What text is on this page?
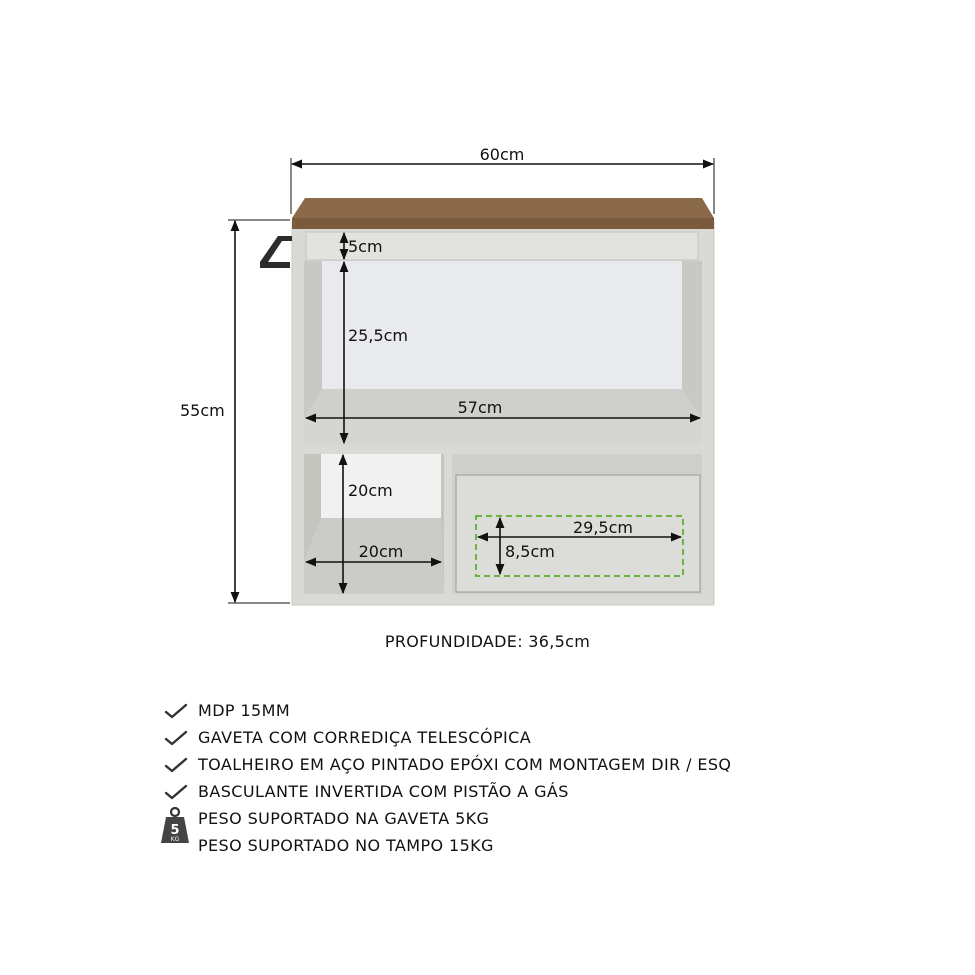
60cm
55cm
5cm
25,5cm
57cm
20cm
20cm
29,5cm
8,5cm
PROFUNDIDADE: 36,5cm
MDP 15MM
GAVETA COM CORREDIÇA TELESCÓPICA
TOALHEIRO EM AÇO PINTADO EPÓXI COM MONTAGEM DIR / ESQ
BASCULANTE INVERTIDA COM PISTÃO A GÁS
PESO SUPORTADO NA GAVETA 5KG
PESO SUPORTADO NO TAMPO 15KG
5
KG
